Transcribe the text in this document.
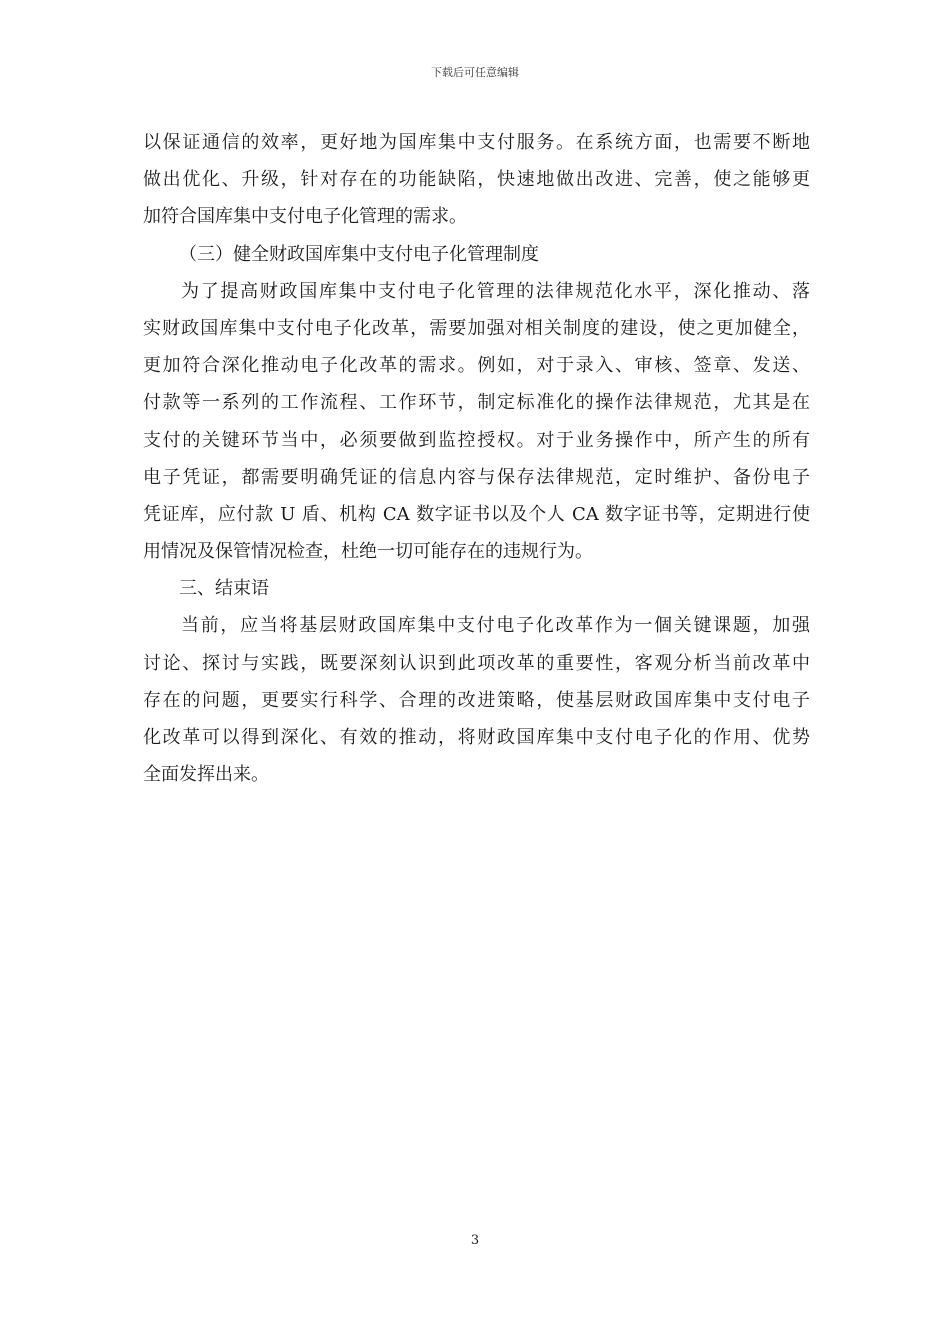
下载后可任意编辑
以保证通信的效率，更好地为国库集中支付服务。在系统方面，也需要不断地
做出优化、升级，针对存在的功能缺陷，快速地做出改进、完善，使之能够更
加符合国库集中支付电子化管理的需求。
（三）健全财政国库集中支付电子化管理制度
为了提高财政国库集中支付电子化管理的法律规范化水平，深化推动、落
实财政国库集中支付电子化改革，需要加强对相关制度的建设，使之更加健全，
更加符合深化推动电子化改革的需求。例如，对于录入、审核、签章、发送、
付款等一系列的工作流程、工作环节，制定标准化的操作法律规范，尤其是在
支付的关键环节当中，必须要做到监控授权。对于业务操作中，所产生的所有
电子凭证，都需要明确凭证的信息内容与保存法律规范，定时维护、备份电子
凭证库，应付款 U 盾、机构 CA 数字证书以及个人 CA 数字证书等，定期进行使
用情况及保管情况检查，杜绝一切可能存在的违规行为。
三、结束语
当前，应当将基层财政国库集中支付电子化改革作为一個关键课题，加强
讨论、探讨与实践，既要深刻认识到此项改革的重要性，客观分析当前改革中
存在的问题，更要实行科学、合理的改进策略，使基层财政国库集中支付电子
化改革可以得到深化、有效的推动，将财政国库集中支付电子化的作用、优势
全面发挥出来。
3
